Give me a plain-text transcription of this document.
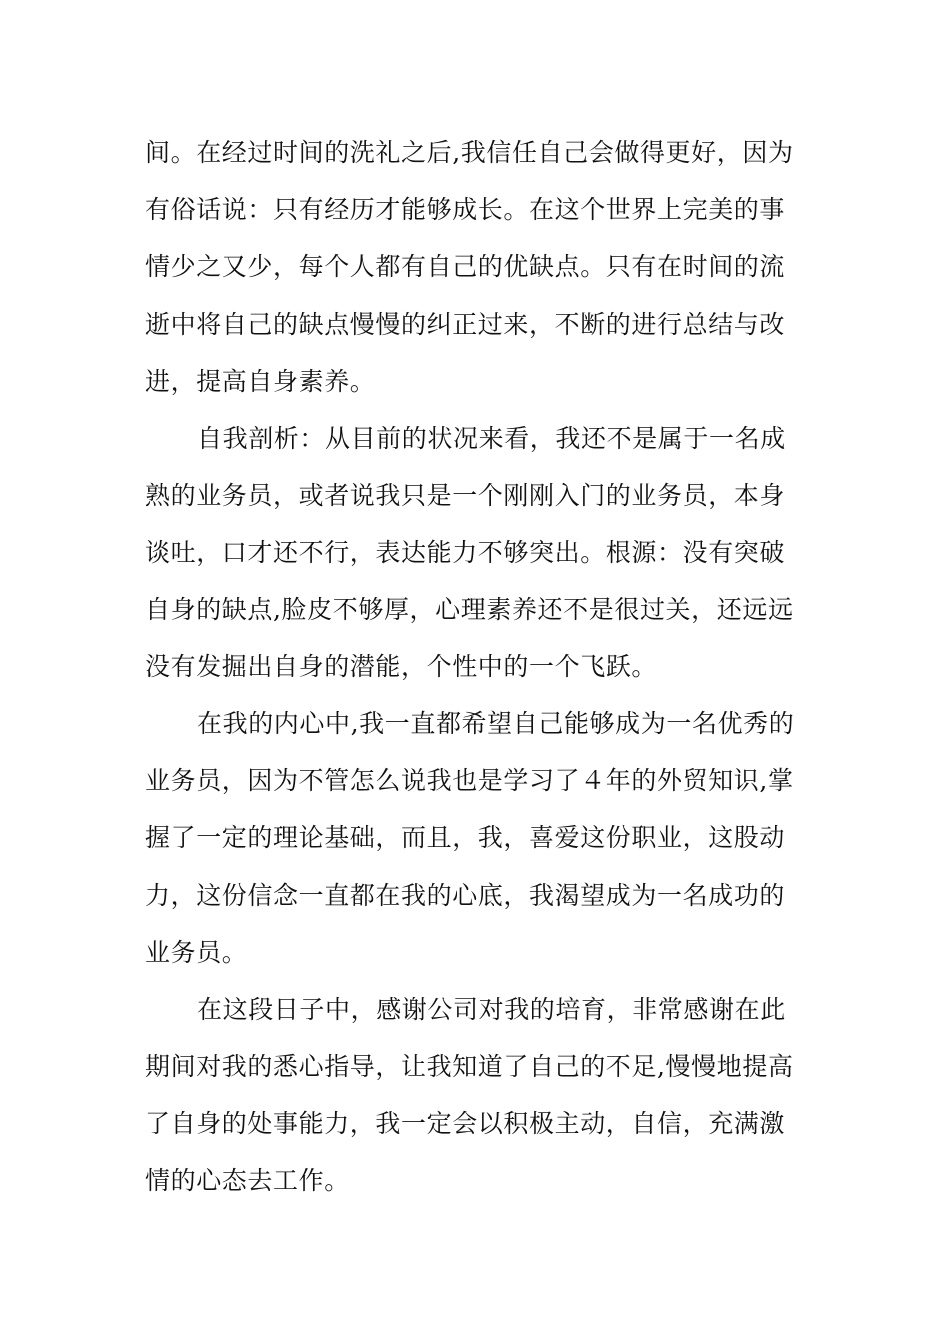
间。在经过时间的洗礼之后,我信任自己会做得更好，因为
有俗话说：只有经历才能够成长。在这个世界上完美的事
情少之又少，每个人都有自己的优缺点。只有在时间的流
逝中将自己的缺点慢慢的纠正过来，不断的进行总结与改
进，提高自身素养。
自我剖析：从目前的状况来看，我还不是属于一名成
熟的业务员，或者说我只是一个刚刚入门的业务员，本身
谈吐，口才还不行，表达能力不够突出。根源：没有突破
自身的缺点,脸皮不够厚，心理素养还不是很过关，还远远
没有发掘出自身的潜能，个性中的一个飞跃。
在我的内心中,我一直都希望自己能够成为一名优秀的
业务员，因为不管怎么说我也是学习了４年的外贸知识,掌
握了一定的理论基础，而且，我，喜爱这份职业，这股动
力，这份信念一直都在我的心底，我渴望成为一名成功的
业务员。
在这段日子中，感谢公司对我的培育，非常感谢在此
期间对我的悉心指导，让我知道了自己的不足,慢慢地提高
了自身的处事能力，我一定会以积极主动，自信，充满激
情的心态去工作。
